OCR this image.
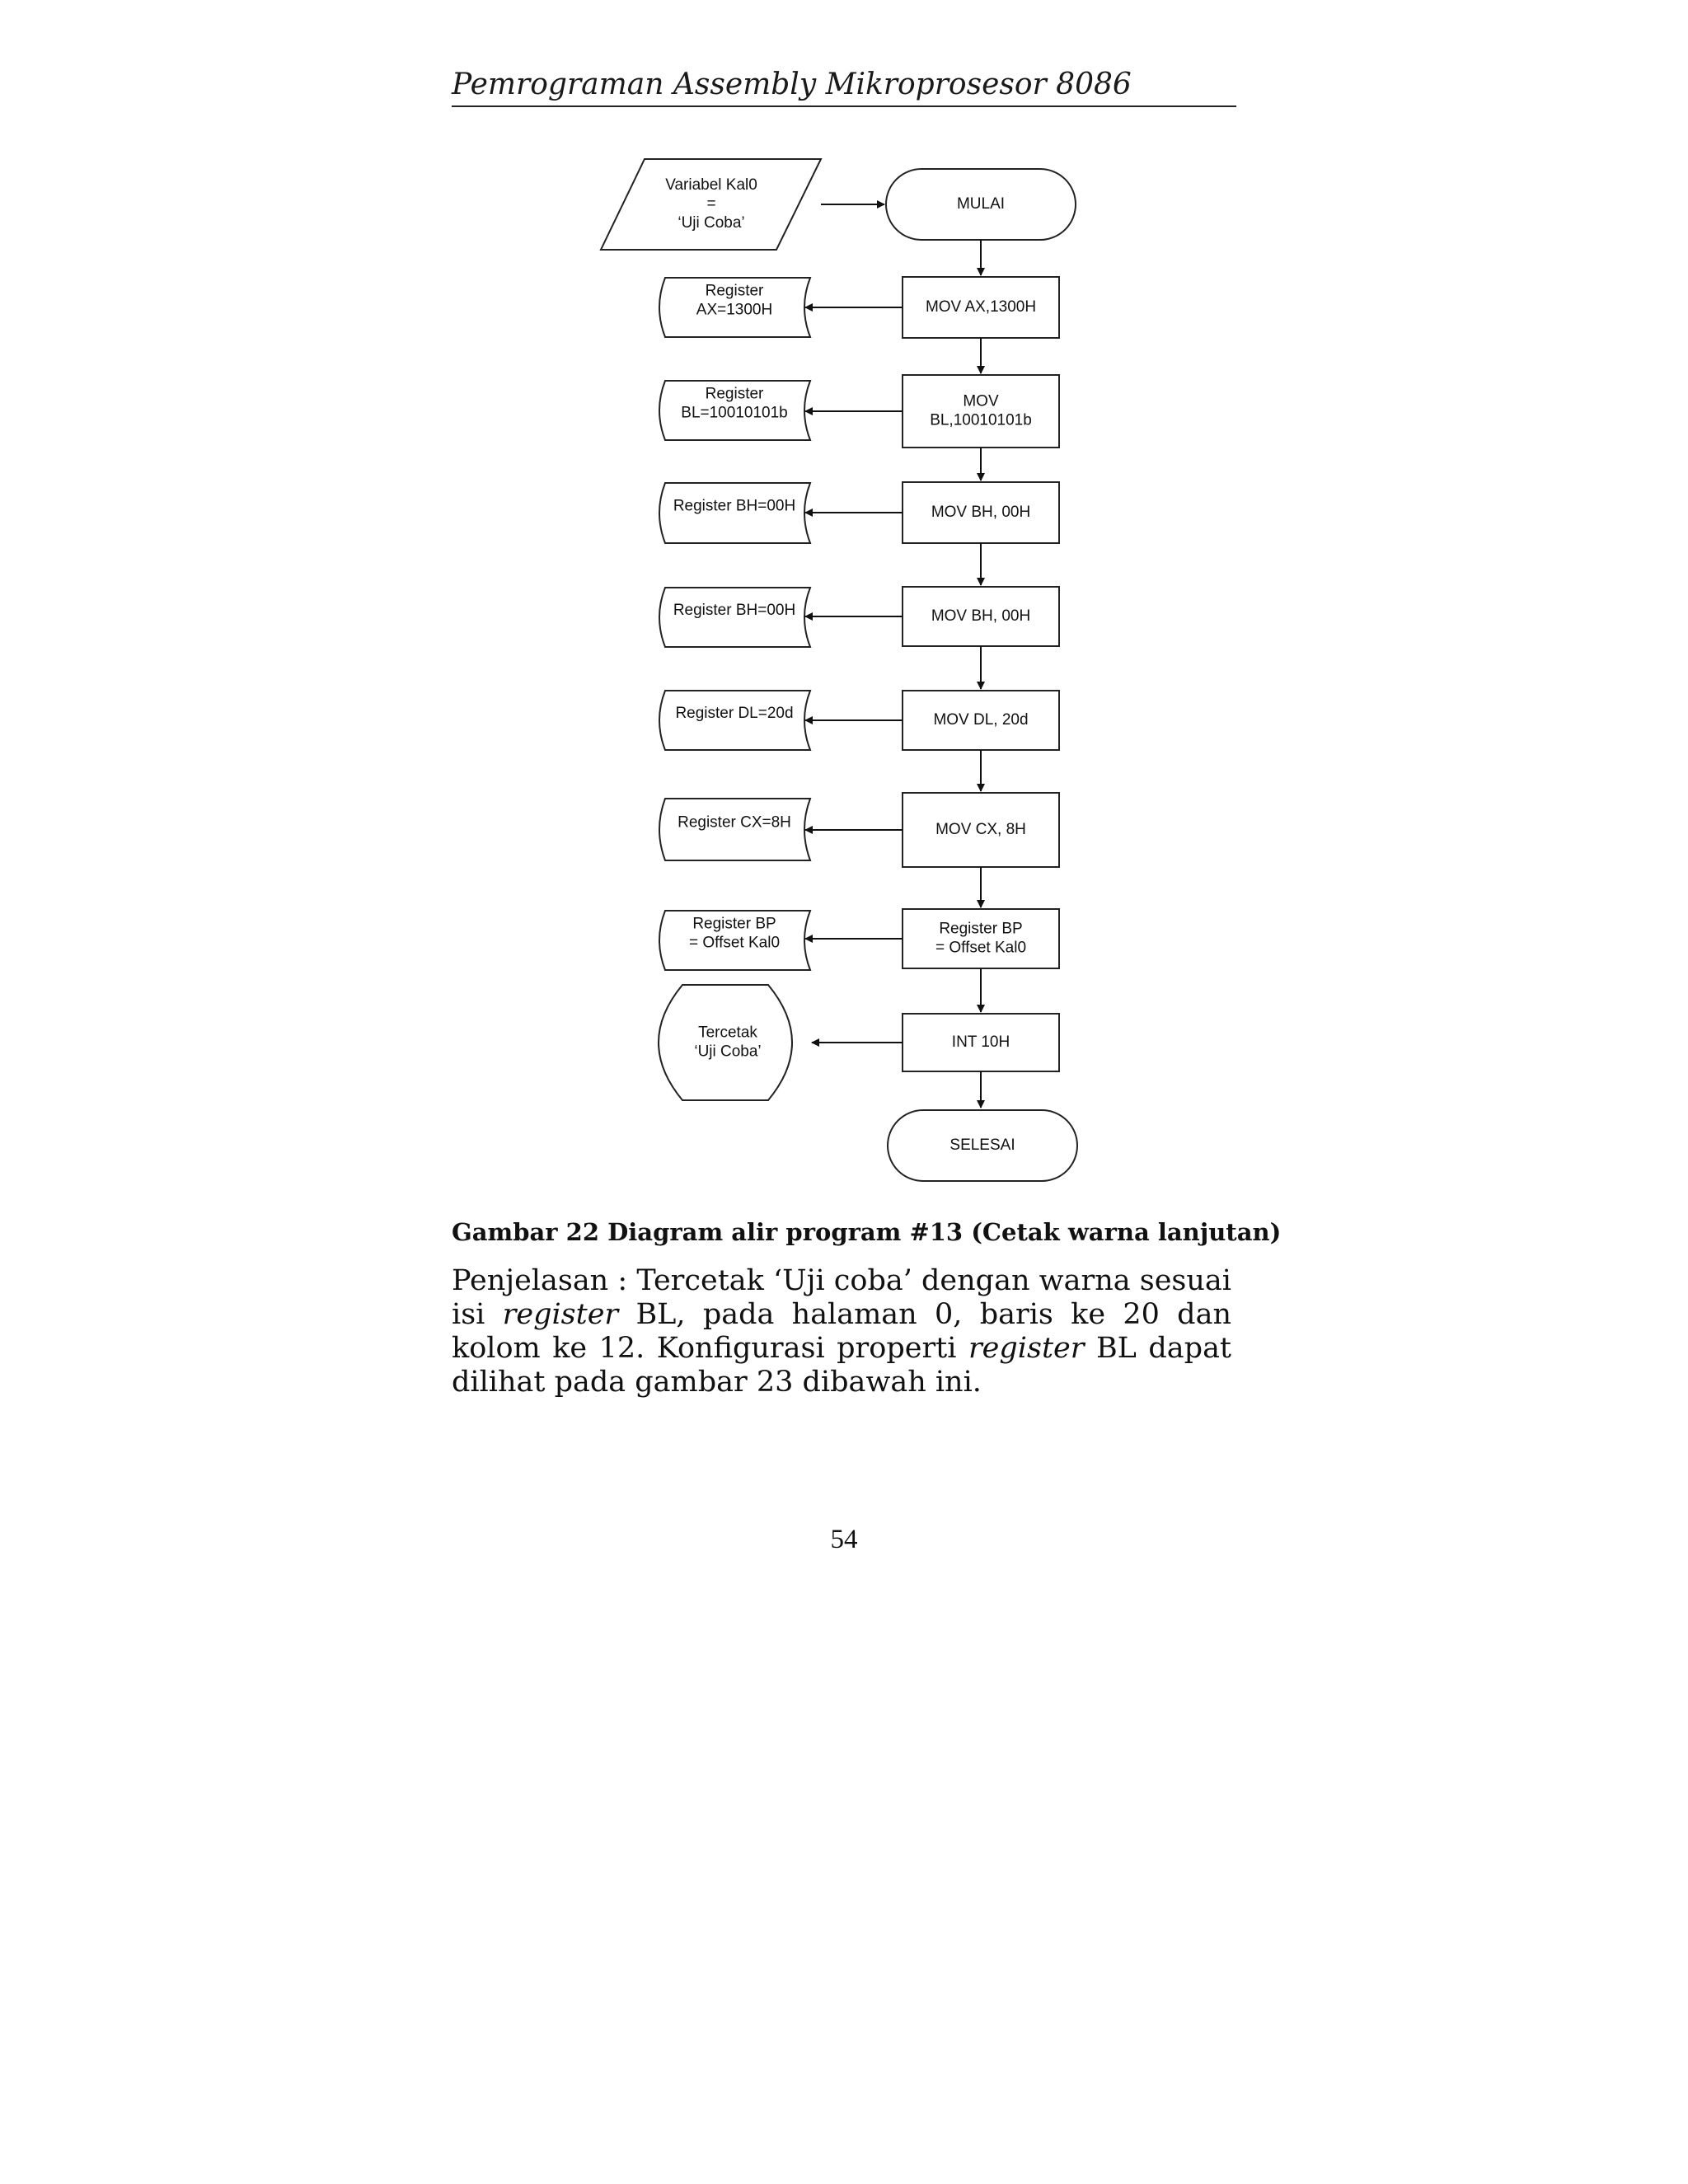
Pemrograman Assembly Mikroprosesor 8086
Variabel Kal0
=
‘Uji Coba’
MULAI
MOV AX,1300H
Register
AX=1300H
MOV
BL,10010101b
Register
BL=10010101b
MOV BH, 00H
Register BH=00H
MOV BH, 00H
Register BH=00H
MOV DL, 20d
Register DL=20d
MOV CX, 8H
Register CX=8H
Register BP
= Offset Kal0
Register BP
= Offset Kal0
INT 10H
Tercetak
‘Uji Coba’
SELESAI
Gambar 22 Diagram alir program #13 (Cetak warna lanjutan)
Penjelasan : Tercetak ‘Uji coba’ dengan warna sesuai isi register BL, pada halaman 0, baris ke 20 dan kolom ke 12. Konfigurasi properti register BL dapat dilihat pada gambar 23 dibawah ini.
54
